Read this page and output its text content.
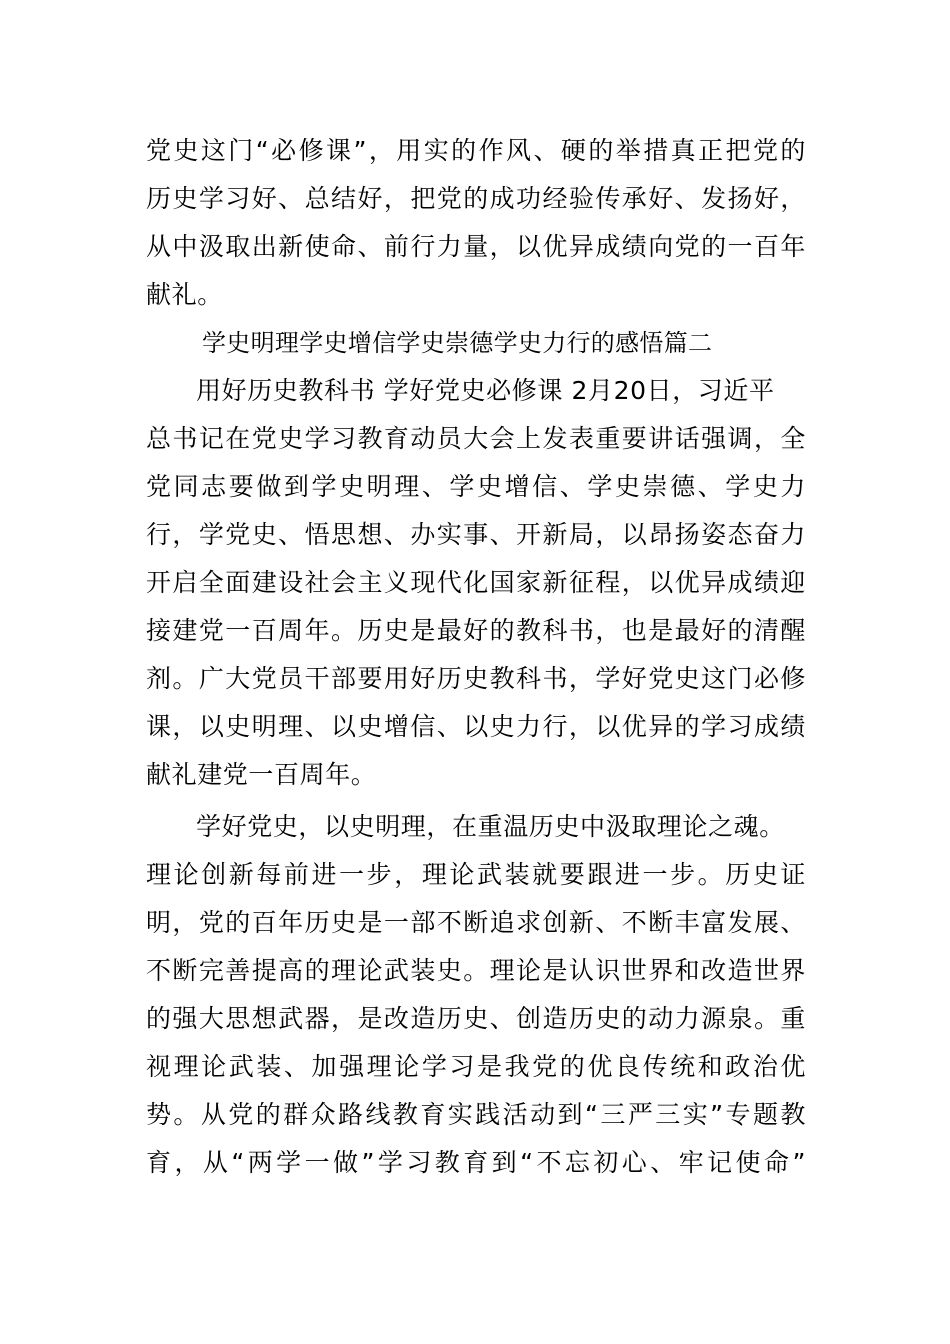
党史这门“必修课”，用实的作风、硬的举措真正把党的
历史学习好、总结好，把党的成功经验传承好、发扬好，
从中汲取出新使命、前行力量，以优异成绩向党的一百年
献礼。
学史明理学史增信学史崇德学史力行的感悟篇二
用好历史教科书 学好党史必修课 2月20日，习近平
总书记在党史学习教育动员大会上发表重要讲话强调，全
党同志要做到学史明理、学史增信、学史崇德、学史力
行，学党史、悟思想、办实事、开新局，以昂扬姿态奋力
开启全面建设社会主义现代化国家新征程，以优异成绩迎
接建党一百周年。历史是最好的教科书，也是最好的清醒
剂。广大党员干部要用好历史教科书，学好党史这门必修
课，以史明理、以史增信、以史力行，以优异的学习成绩
献礼建党一百周年。
学好党史，以史明理，在重温历史中汲取理论之魂。
理论创新每前进一步，理论武装就要跟进一步。历史证
明，党的百年历史是一部不断追求创新、不断丰富发展、
不断完善提高的理论武装史。理论是认识世界和改造世界
的强大思想武器，是改造历史、创造历史的动力源泉。重
视理论武装、加强理论学习是我党的优良传统和政治优
势。从党的群众路线教育实践活动到“三严三实”专题教
育，从“两学一做”学习教育到“不忘初心、牢记使命”
